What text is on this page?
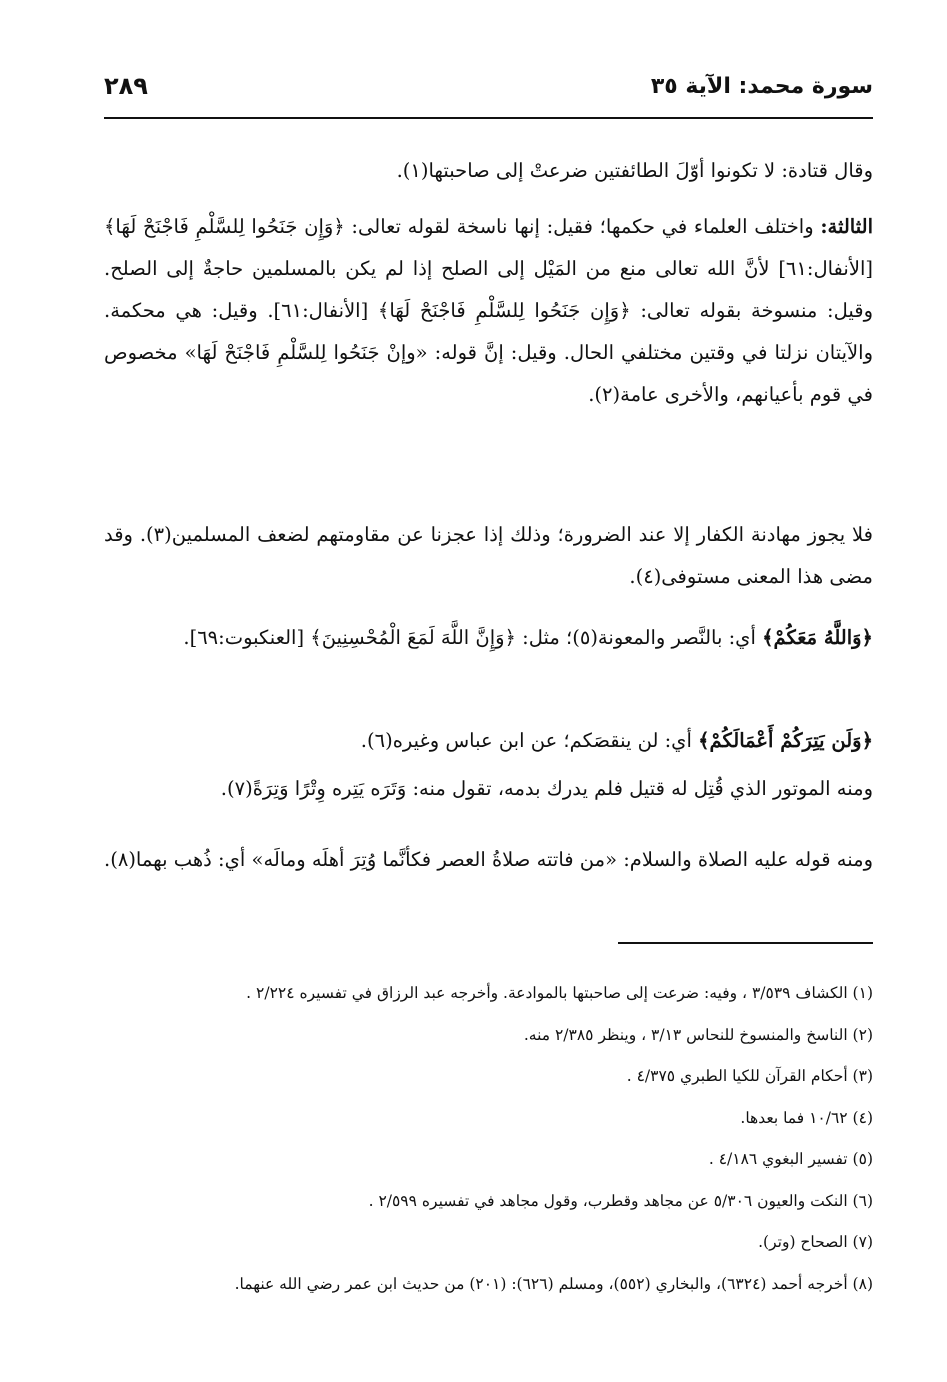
سورة محمد: الآية ٣٥
٢٨٩

وقال قتادة: لا تكونوا أوّلَ الطائفتين ضرعتْ إلى صاحبتها(١).

الثالثة: واختلف العلماء في حكمها؛ فقيل: إنها ناسخة لقوله تعالى: ﴿وَإِن جَنَحُوا لِلسَّلْمِ فَاجْنَحْ لَهَا﴾ [الأنفال:٦١] لأنَّ الله تعالى منع من المَيْل إلى الصلح إذا لم يكن بالمسلمين حاجةٌ إلى الصلح. وقيل: منسوخة بقوله تعالى: ﴿وَإِن جَنَحُوا لِلسَّلْمِ فَاجْنَحْ لَهَا﴾ [الأنفال:٦١]. وقيل: هي محكمة. والآيتان نزلتا في وقتين مختلفي الحال. وقيل: إنَّ قوله: «وإنْ جَنَحُوا لِلسَّلْمِ فَاجْنَحْ لَهَا» مخصوص في قوم بأعيانهم، والأخرى عامة(٢).

فلا يجوز مهادنة الكفار إلا عند الضرورة؛ وذلك إذا عجزنا عن مقاومتهم لضعف المسلمين(٣). وقد مضى هذا المعنى مستوفى(٤).

﴿وَاللَّهُ مَعَكُمْ﴾ أي: بالنَّصر والمعونة(٥)؛ مثل: ﴿وَإِنَّ اللَّهَ لَمَعَ الْمُحْسِنِينَ﴾ [العنكبوت:٦٩].

﴿وَلَن يَتِرَكُمْ أَعْمَالَكُمْ﴾ أي: لن ينقصَكم؛ عن ابن عباس وغيره(٦).

ومنه الموتور الذي قُتِل له قتيل فلم يدرك بدمه، تقول منه: وَتَرَه يَتِره وِتْرًا وَتِرَةً(٧).

ومنه قوله عليه الصلاة والسلام: «من فاتته صلاةُ العصر فكأنَّما وُتِرَ أهلَه ومالَه» أي: ذُهب بهما(٨).

(١) الكشاف ٣/٥٣٩ ، وفيه: ضرعت إلى صاحبتها بالموادعة. وأخرجه عبد الرزاق في تفسيره ٢/٢٢٤ .
(٢) الناسخ والمنسوخ للنحاس ٣/١٣ ، وينظر ٢/٣٨٥ منه.
(٣) أحكام القرآن للكيا الطبري ٤/٣٧٥ .
(٤) ١٠/٦٢ فما بعدها.
(٥) تفسير البغوي ٤/١٨٦ .
(٦) النكت والعيون ٥/٣٠٦ عن مجاهد وقطرب، وقول مجاهد في تفسيره ٢/٥٩٩ .
(٧) الصحاح (وتر).
(٨) أخرجه أحمد (٦٣٢٤)، والبخاري (٥٥٢)، ومسلم (٦٢٦): (٢٠١) من حديث ابن عمر رضي الله عنهما.
